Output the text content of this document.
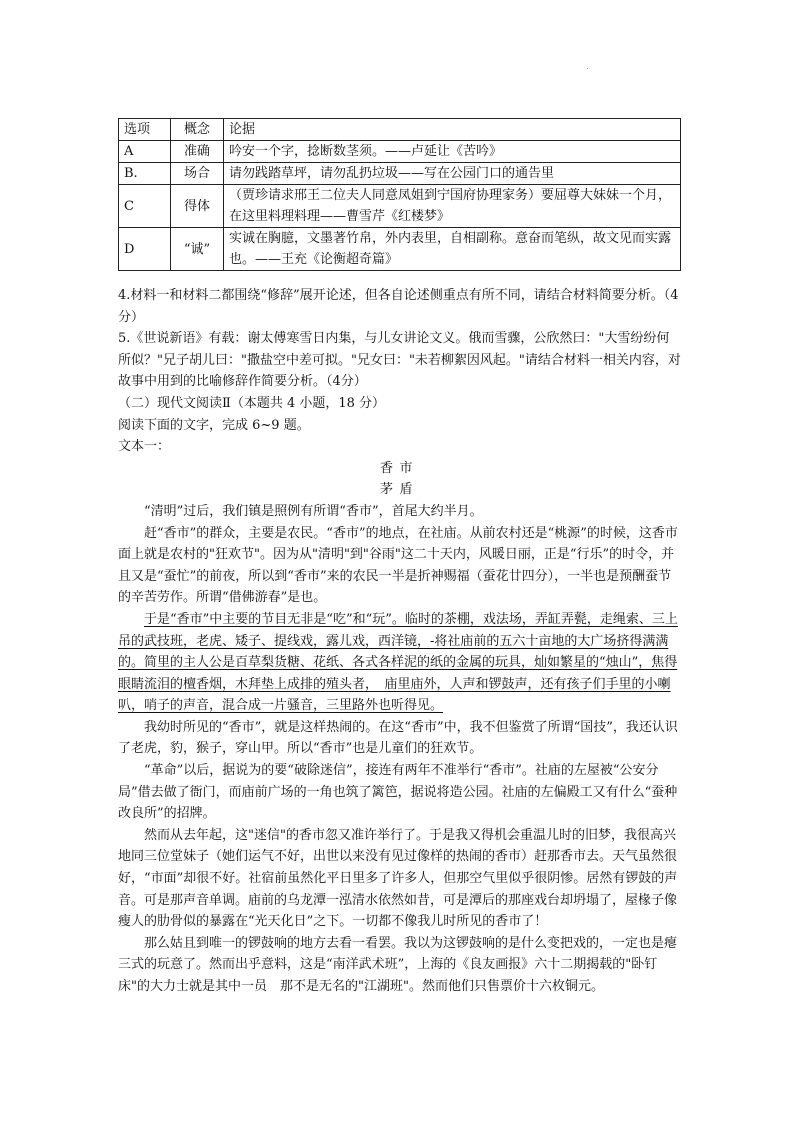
.
选项	概念	论据
A	准确	吟安一个字，捻断数茎须。——卢延让《苦吟》
B.	场合	请勿践踏草坪，请勿乱扔垃圾——写在公园门口的通告里
C	得体	（贾珍请求邢王二位夫人同意凤姐到宁国府协理家务）要屈尊大妹妹一个月，在这里料理料理——曹雪芹《红楼梦》
D	“诚”	实诚在胸臆，文墨著竹帛，外内表里，自相副称。意奋而笔纵，故文见而实露也。——王充《论衡超奇篇》

4.材料一和材料二都围绕“修辞”展开论述，但各自论述侧重点有所不同，请结合材料简要分析。（4分）

5.《世说新语》有载：谢太傅寒雪日内集，与儿女讲论文义。俄而雪骤，公欣然曰："大雪纷纷何所似？"兄子胡儿曰："撒盐空中差可拟。"兄女曰："未若柳絮因风起。"请结合材料一相关内容，对故事中用到的比喻修辞作简要分析。（4分）

（二）现代文阅读Ⅱ（本题共 4 小题，18 分）

阅读下面的文字，完成 6~9 题。

文本一：

香市

茅盾

“清明”过后，我们镇是照例有所谓“香市”，首尾大约半月。

赶“香市”的群众，主要是农民。“香市”的地点，在社庙。从前农村还是“桃源”的时候，这香市面上就是农村的"狂欢节"。因为从"清明"到"谷雨"这二十天内，风暖日丽，正是“行乐”的时令，并且又是“蚕忙”的前夜，所以到“香市”来的农民一半是折神赐福（蚕花廿四分），一半也是预酬蚕节的辛苦劳作。所谓“借佛游春”是也。

于是“香市”中主要的节目无非是“吃”和“玩”。临时的茶棚，戏法场，弄缸弄甏，走绳索、三上吊的武技班，老虎、矮子、提线戏，露儿戏，西洋镜，-将社庙前的五六十亩地的大广场挤得满满的。简里的主人公是百草梨货糖、花纸、各式各样泥的纸的金属的玩具，灿如繁星的“烛山”，焦得眼睛流泪的檀香烟，木拜垫上成排的殖头者，　庙里庙外，人声和锣鼓声，还有孩子们手里的小喇叭，哨子的声音，混合成一片骚音，三里路外也听得见。

我幼时所见的“香市”，就是这样热闹的。在这“香市”中，我不但鉴赏了所谓“国技”，我还认识了老虎，豹，猴子，穿山甲。所以“香市”也是儿童们的狂欢节。

“革命”以后，据说为的要“破除迷信”，接连有两年不准举行“香市”。社庙的左屋被“公安分局”借去做了衙门，而庙前广场的一角也筑了篱笆，据说将造公园。社庙的左偏殿工又有什么“蚕种改良所”的招牌。

然而从去年起，这"迷信"的香市忽又准许举行了。于是我又得机会重温儿时的旧梦，我很高兴地同三位堂妹子（她们运气不好，出世以来没有见过像样的热闹的香市）赶那香市去。天气虽然很好，“市面”却很不好。社宿前虽然化平日里多了许多人，但那空气里似乎很阴惨。居然有锣鼓的声音。可是那声音单调。庙前的乌龙潭一泓清水依然如昔，可是潭后的那座戏台却坍塌了，屋椽子像瘦人的肋骨似的暴露在“光天化日”之下。一切都不像我儿时所见的香市了！

那么姑且到唯一的锣鼓响的地方去看一看罢。我以为这锣鼓响的是什么变把戏的，一定也是瘪三式的玩意了。然而出乎意料，这是“南洋武术班”，上海的《良友画报》六十二期揭载的"卧钉床"的大力士就是其中一员　那不是无名的"江湖班"。然而他们只售票价十六枚铜元。
